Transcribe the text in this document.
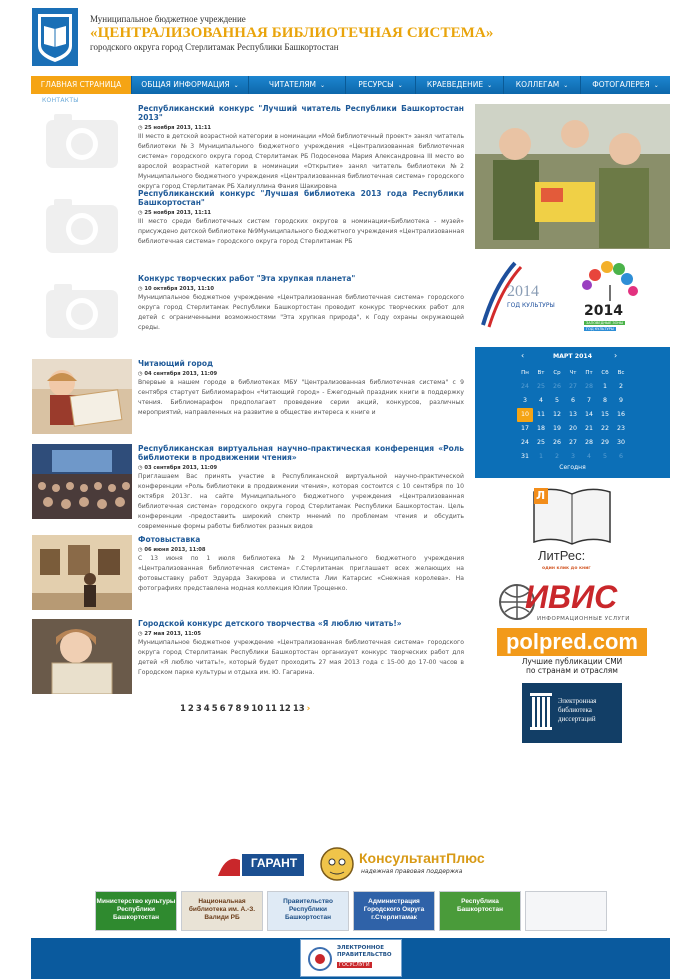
Муниципальное бюджетное учреждение
«ЦЕНТРАЛИЗОВАННАЯ БИБЛИОТЕЧНАЯ СИСТЕМА»
городского округа город Стерлитамак Республики Башкортостан
ГЛАВНАЯ СТРАНИЦА	ОБЩАЯ ИНФОРМАЦИЯ ⌄	ЧИТАТЕЛЯМ ⌄	РЕСУРСЫ ⌄	КРАЕВЕДЕНИЕ ⌄	КОЛЛЕГАМ ⌄	ФОТОГАЛЕРЕЯ ⌄
КОНТАКТЫ
Республиканский конкурс "Лучший читатель Республики Башкортостан 2013"
◷ 25 ноября 2013, 11:11
III место в детской возрастной категории в номинации «Мой библиотечный проект» занял читатель библиотеки №3 Муниципального бюджетного учреждения «Централизованная библиотечная система» городского округа город Стерлитамак РБ Подосенова Мария Александровна III место во взрослой возрастной категории в номинации «Открытие» занял читатель библиотеки №2 Муниципального бюджетного учреждения «Централизованная библиотечная система» городского округа город Стерлитамак РБ Халиуллина Фания Шакировна
Республиканский конкурс "Лучшая библиотека 2013 года Республики Башкортостан"
◷ 25 ноября 2013, 11:11
III место среди библиотечных систем городских округов в номинации«Библиотека - музей» присуждено детской библиотеке №9Муниципального бюджетного учреждения «Централизованная библиотечная система» городского округа город Стерлитамак РБ
Конкурс творческих работ "Эта хрупкая планета"
◷ 10 октября 2013, 11:10
Муниципальное бюджетное учреждение «Централизованная библиотечная система» городского округа город Стерлитамак Республики Башкортостан проводит конкурс творческих работ для детей с ограниченными возможностями "Эта хрупкая природа", к Году охраны окружающей среды.
Читающий город
◷ 04 сентября 2013, 11:09
Впервые в нашем городе в библиотеках МБУ "Централизованная библиотечная система" с 9 сентября стартует Библиомарафон «Читающий город» - Ежегодный праздник книги в поддержку чтения. Библиомарафон предполагает проведение серии акций, конкурсов, различных мероприятий, направленных на развитие в обществе интереса к книге и
Республиканская виртуальная научно-практическая конференция «Роль библиотеки в продвижении чтения»
◷ 03 сентября 2013, 11:09
Приглашаем Вас принять участие в Республиканской виртуальной научно-практической конференции «Роль библиотеки в продвижении чтения», которая состоится с 10 сентября по 10 октября 2013г. на сайте Муниципального бюджетного учреждения «Централизованная библиотечная система» городского округа город Стерлитамак Республики Башкортостан. Цель конференции -предоставить широкий спектр мнений по проблемам чтения и обсудить современные формы работы библиотек разных видов
Фотовыставка
◷ 06 июня 2013, 11:08
С 13 июня по 1 июля библиотека №2 Муниципального бюджетного учреждения «Централизованная библиотечная система» г.Стерлитамак приглашает всех желающих на фотовыставку работ Эдуарда Закирова и стилиста Лии Катарсис «Снежная королева». На фотографиях представлена модная коллекция Юлии Трощенко.
Городской конкурс детского творчества «Я люблю читать!»
◷ 27 мая 2013, 11:05
Муниципальное бюджетное учреждение «Централизованная библиотечная система» городского округа город Стерлитамак Республики Башкортостан организует конкурс творческих работ для детей «Я люблю читать!», который будет проходить 27 мая 2013 года с 15-00 до 17-00 часов в Городском парке культуры и отдыха им. Ю. Гагарина.
1 2 3 4 5 6 7 8 9 10 11 12 13 ›
2014
ГОД КУЛЬТУРЫ 2014
ЗАПОВЕДНЫЕ ЗОНЫ
ГОД КУЛЬТУРЫ
МАРТ 2014
‹	›
Пн	Вт	Ср	Чт	Пт	Сб	Вс
24	25	26	27	28	1	2
3	4	5	6	7	8	9
10	11	12	13	14	15	16
17	18	19	20	21	22	23
24	25	26	27	28	29	30
31	1	2	3	4	5	6
Сегодня
Л
ЛитРес:
один клик до книг
ИВИС
ИНФОРМАЦИОННЫЕ УСЛУГИ
polpred.com
Лучшие публикации СМИ
по странам и отраслям
Электронная
библиотека
диссертаций
ГАРАНТ	КонсультантПлюс
надежная правовая поддержка
Министерство культуры Республики Башкортостан
Национальная библиотека им. А.-З. Валиди РБ
Правительство Республики Башкортостан
Администрация Городского Округа г.Стерлитамак
Республика Башкортостан
ЭЛЕКТРОННОЕ
ПРАВИТЕЛЬСТВО
ГОСУСЛУГИ
